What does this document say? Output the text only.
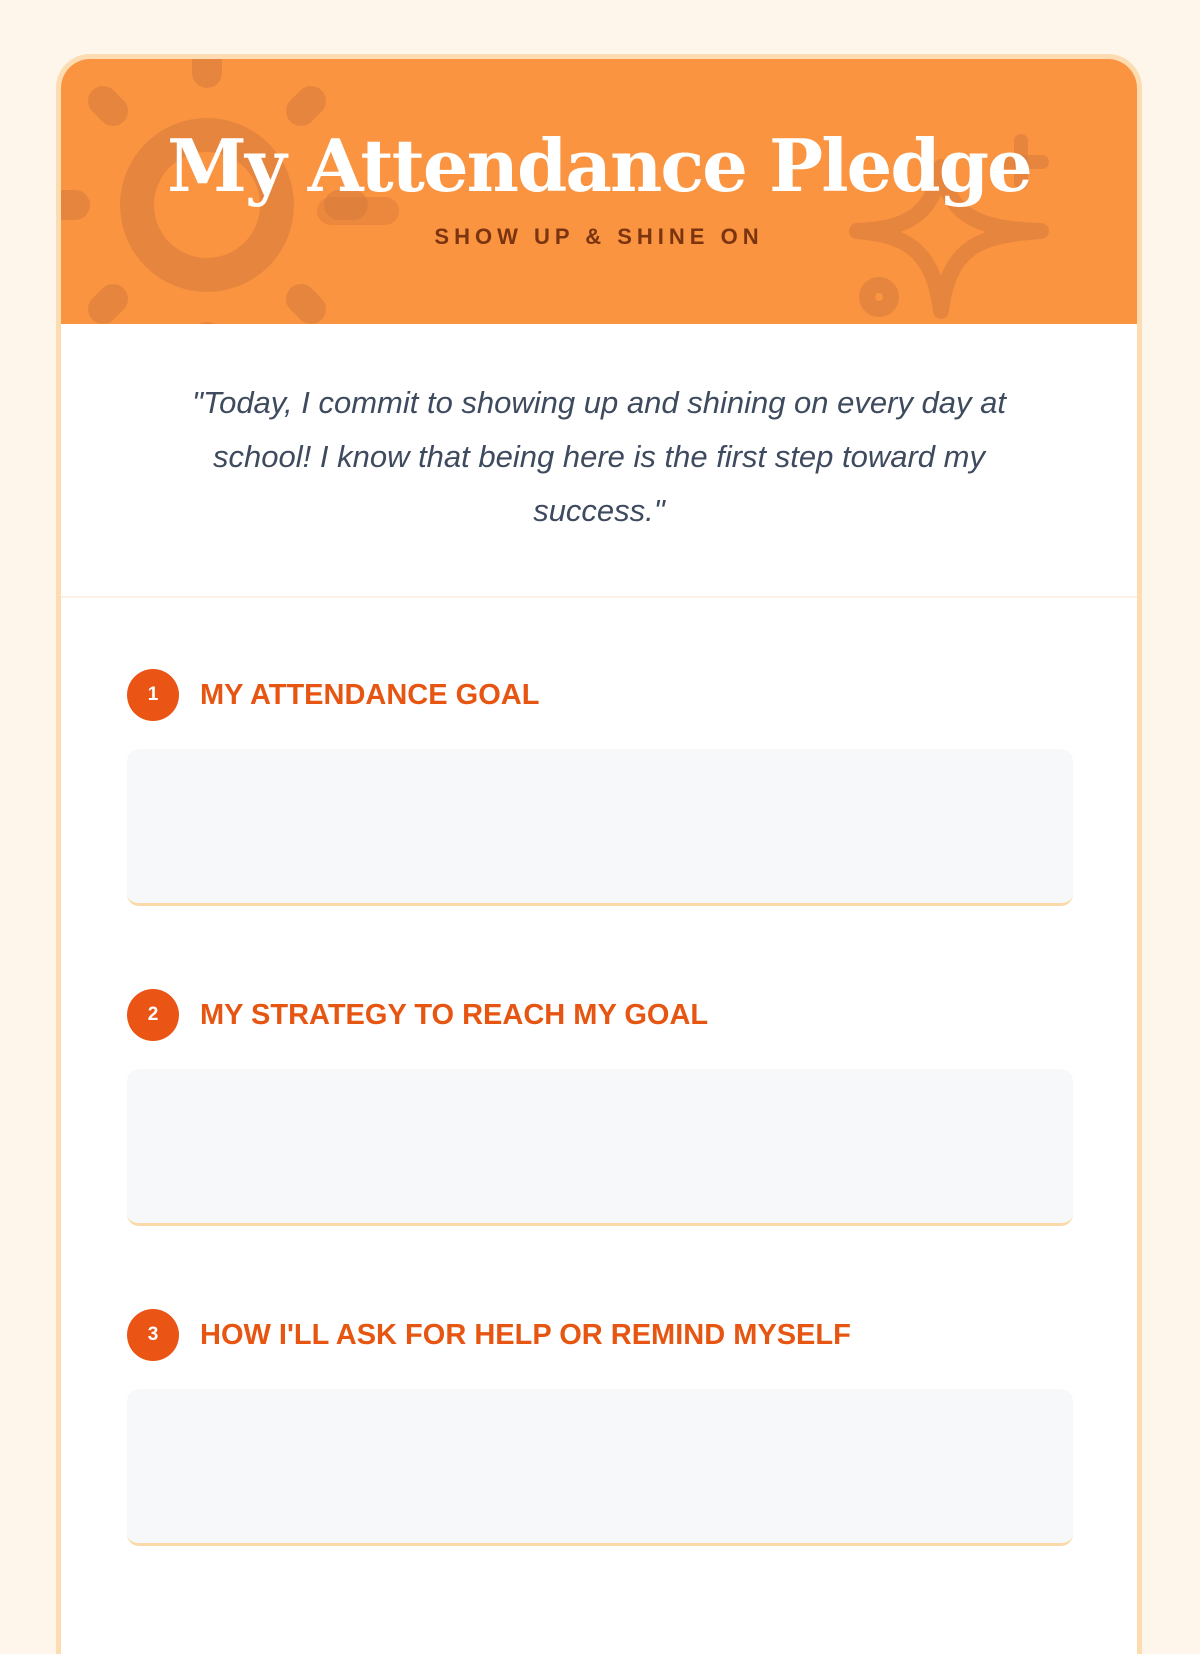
My Attendance Pledge
SHOW UP & SHINE ON

"Today, I commit to showing up and shining on every day at school! I know that being here is the first step toward my success."

1	MY ATTENDANCE GOAL
2	MY STRATEGY TO REACH MY GOAL
3	HOW I'LL ASK FOR HELP OR REMIND MYSELF
